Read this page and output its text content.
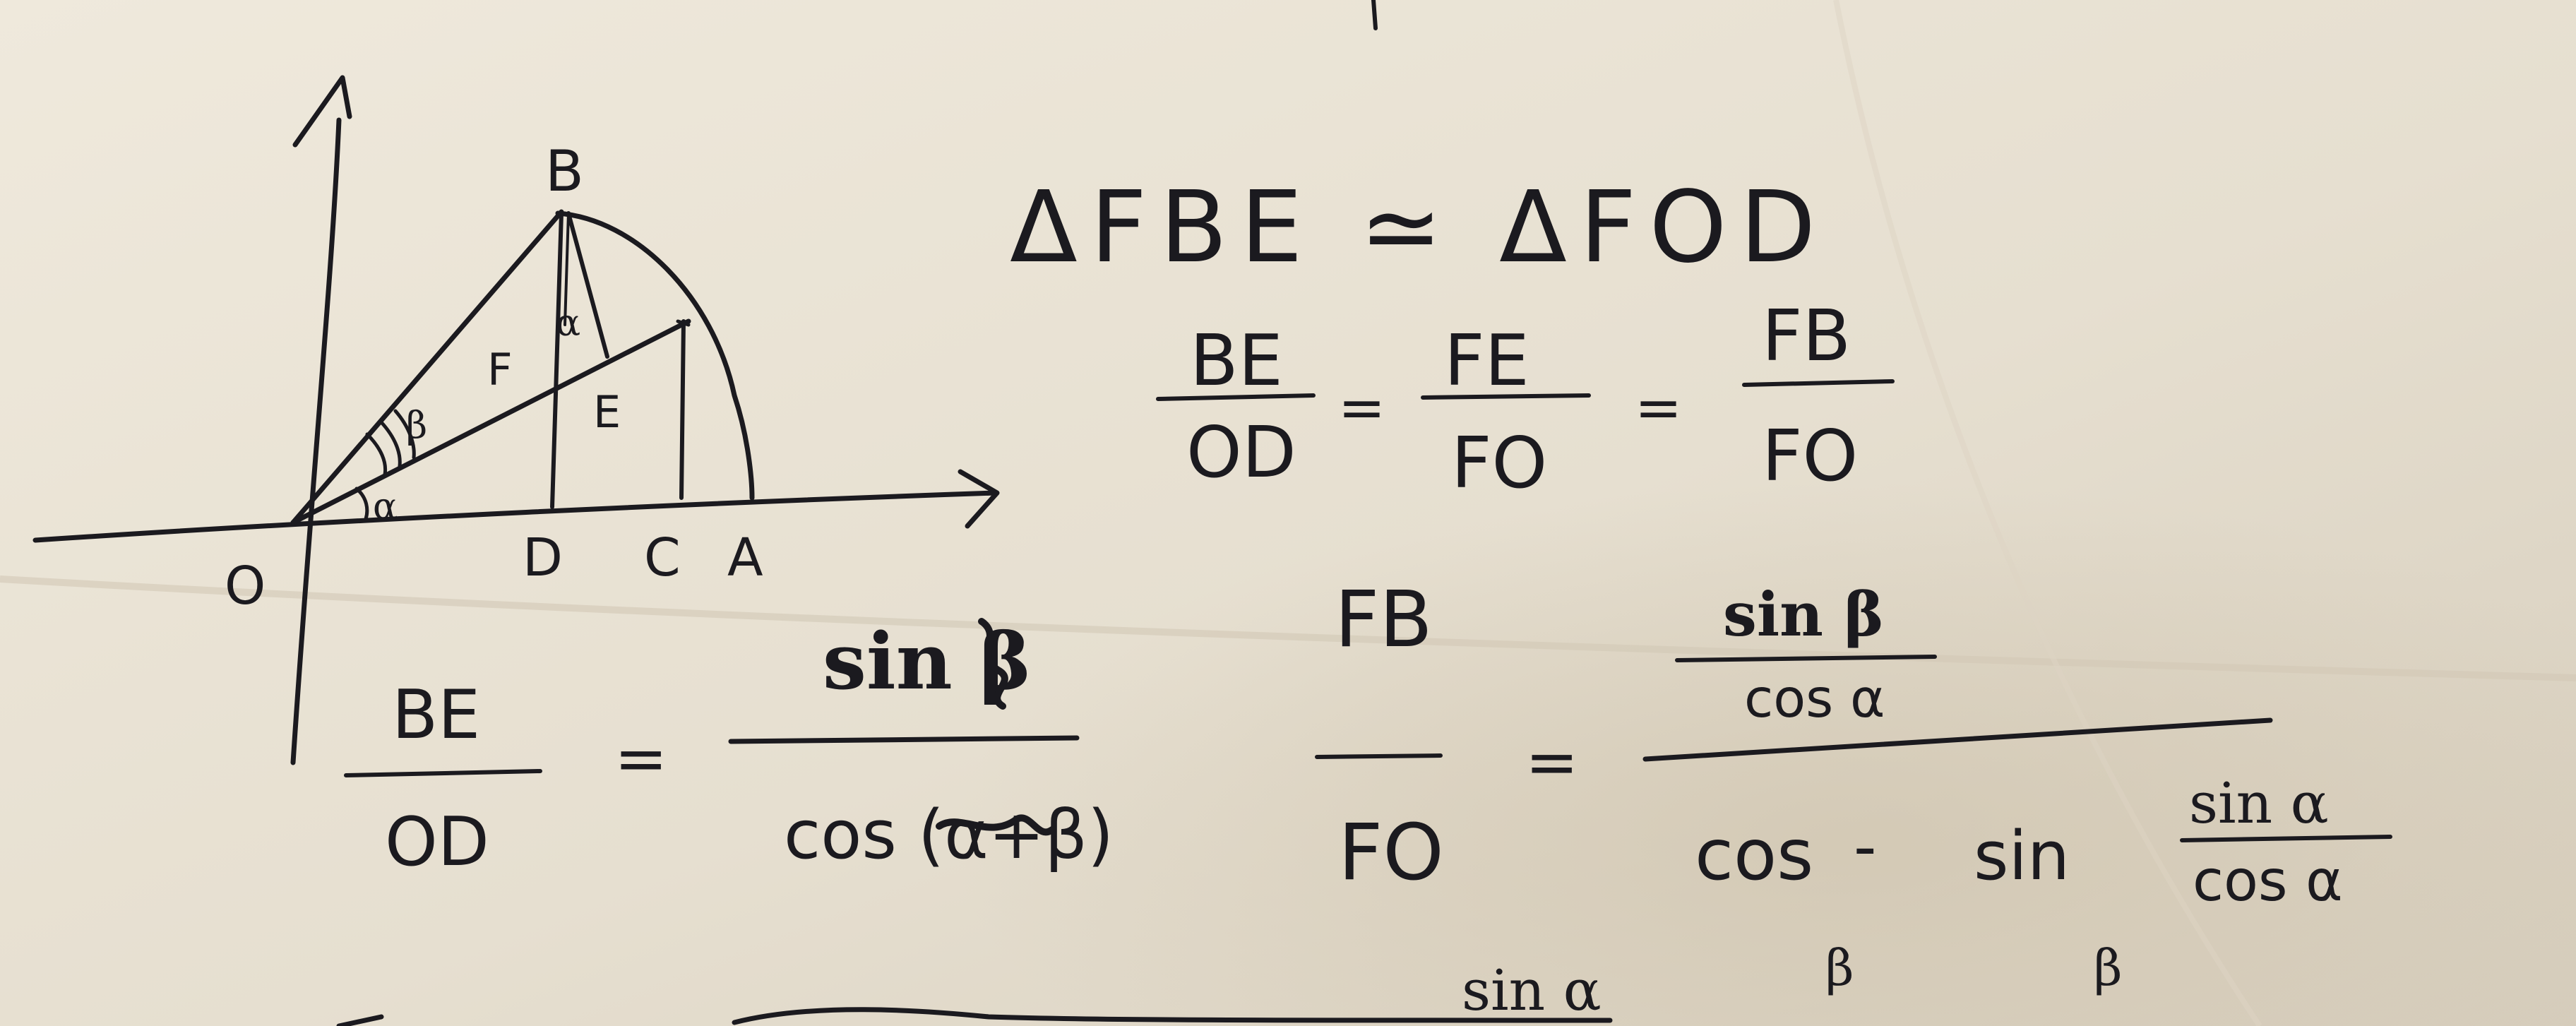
B
E
F
α
β
α
O	D C A
ΔFBE ≃ ΔFOD
BE
OD
=
FE
FO
=
FB
FO
BE
OD
=
sin β
cos (α+β)
FB
FO
=
sin β
cos α
cos
β
- sin
β
sin α
cos α
sin α
